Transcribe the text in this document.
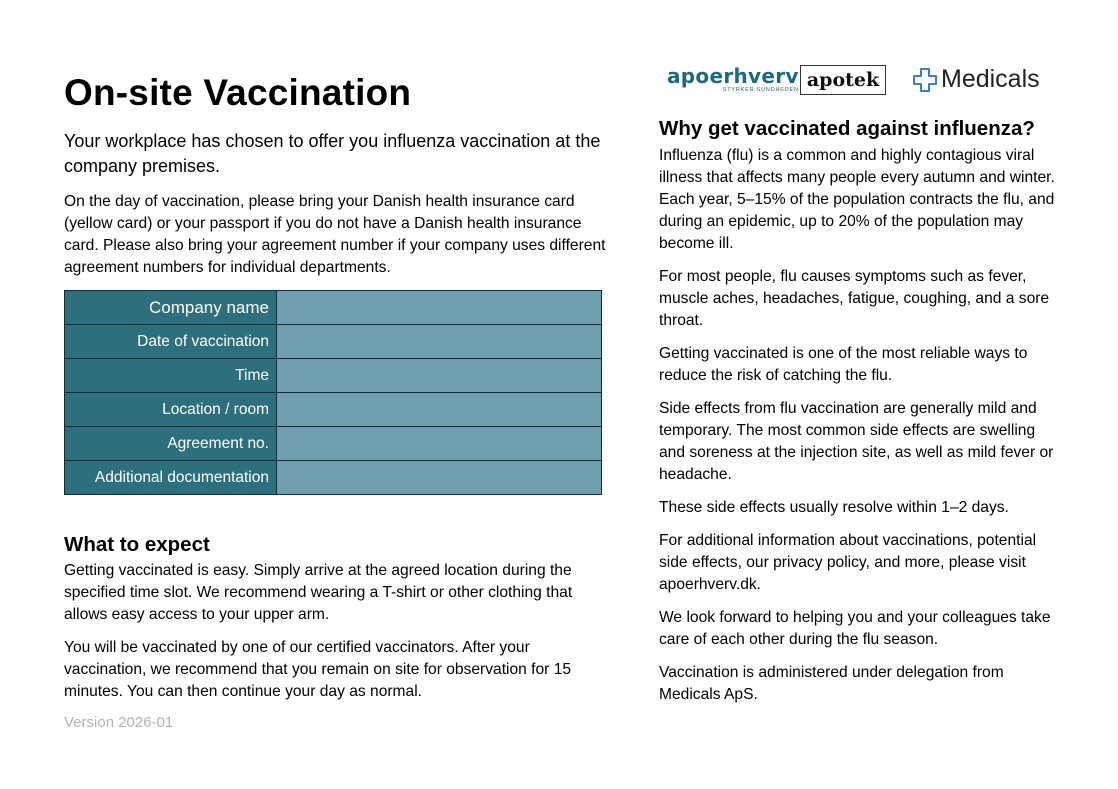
On-site Vaccination

Your workplace has chosen to offer you influenza vaccination at the company premises.

On the day of vaccination, please bring your Danish health insurance card (yellow card) or your passport if you do not have a Danish health insurance card. Please also bring your agreement number if your company uses different agreement numbers for individual departments.

Company name	
Date of vaccination	
Time	
Location / room	
Agreement no.	
Additional documentation	
What to expect

Getting vaccinated is easy. Simply arrive at the agreed location during the specified time slot. We recommend wearing a T-shirt or other clothing that allows easy access to your upper arm.

You will be vaccinated by one of our certified vaccinators. After your vaccination, we recommend that you remain on site for observation for 15 minutes. You can then continue your day as normal.

Version 2026-01
apoerhverv
STYRKER SUNDHEDEN apotek Medicals
Why get vaccinated against influenza?

Influenza (flu) is a common and highly contagious viral illness that affects many people every autumn and winter. Each year, 5–15% of the population contracts the flu, and during an epidemic, up to 20% of the population may become ill.

For most people, flu causes symptoms such as fever, muscle aches, headaches, fatigue, coughing, and a sore throat.

Getting vaccinated is one of the most reliable ways to reduce the risk of catching the flu.

Side effects from flu vaccination are generally mild and temporary. The most common side effects are swelling and soreness at the injection site, as well as mild fever or headache.

These side effects usually resolve within 1–2 days.

For additional information about vaccinations, potential side effects, our privacy policy, and more, please visit apoerhverv.dk.

We look forward to helping you and your colleagues take care of each other during the flu season.

Vaccination is administered under delegation from Medicals ApS.
